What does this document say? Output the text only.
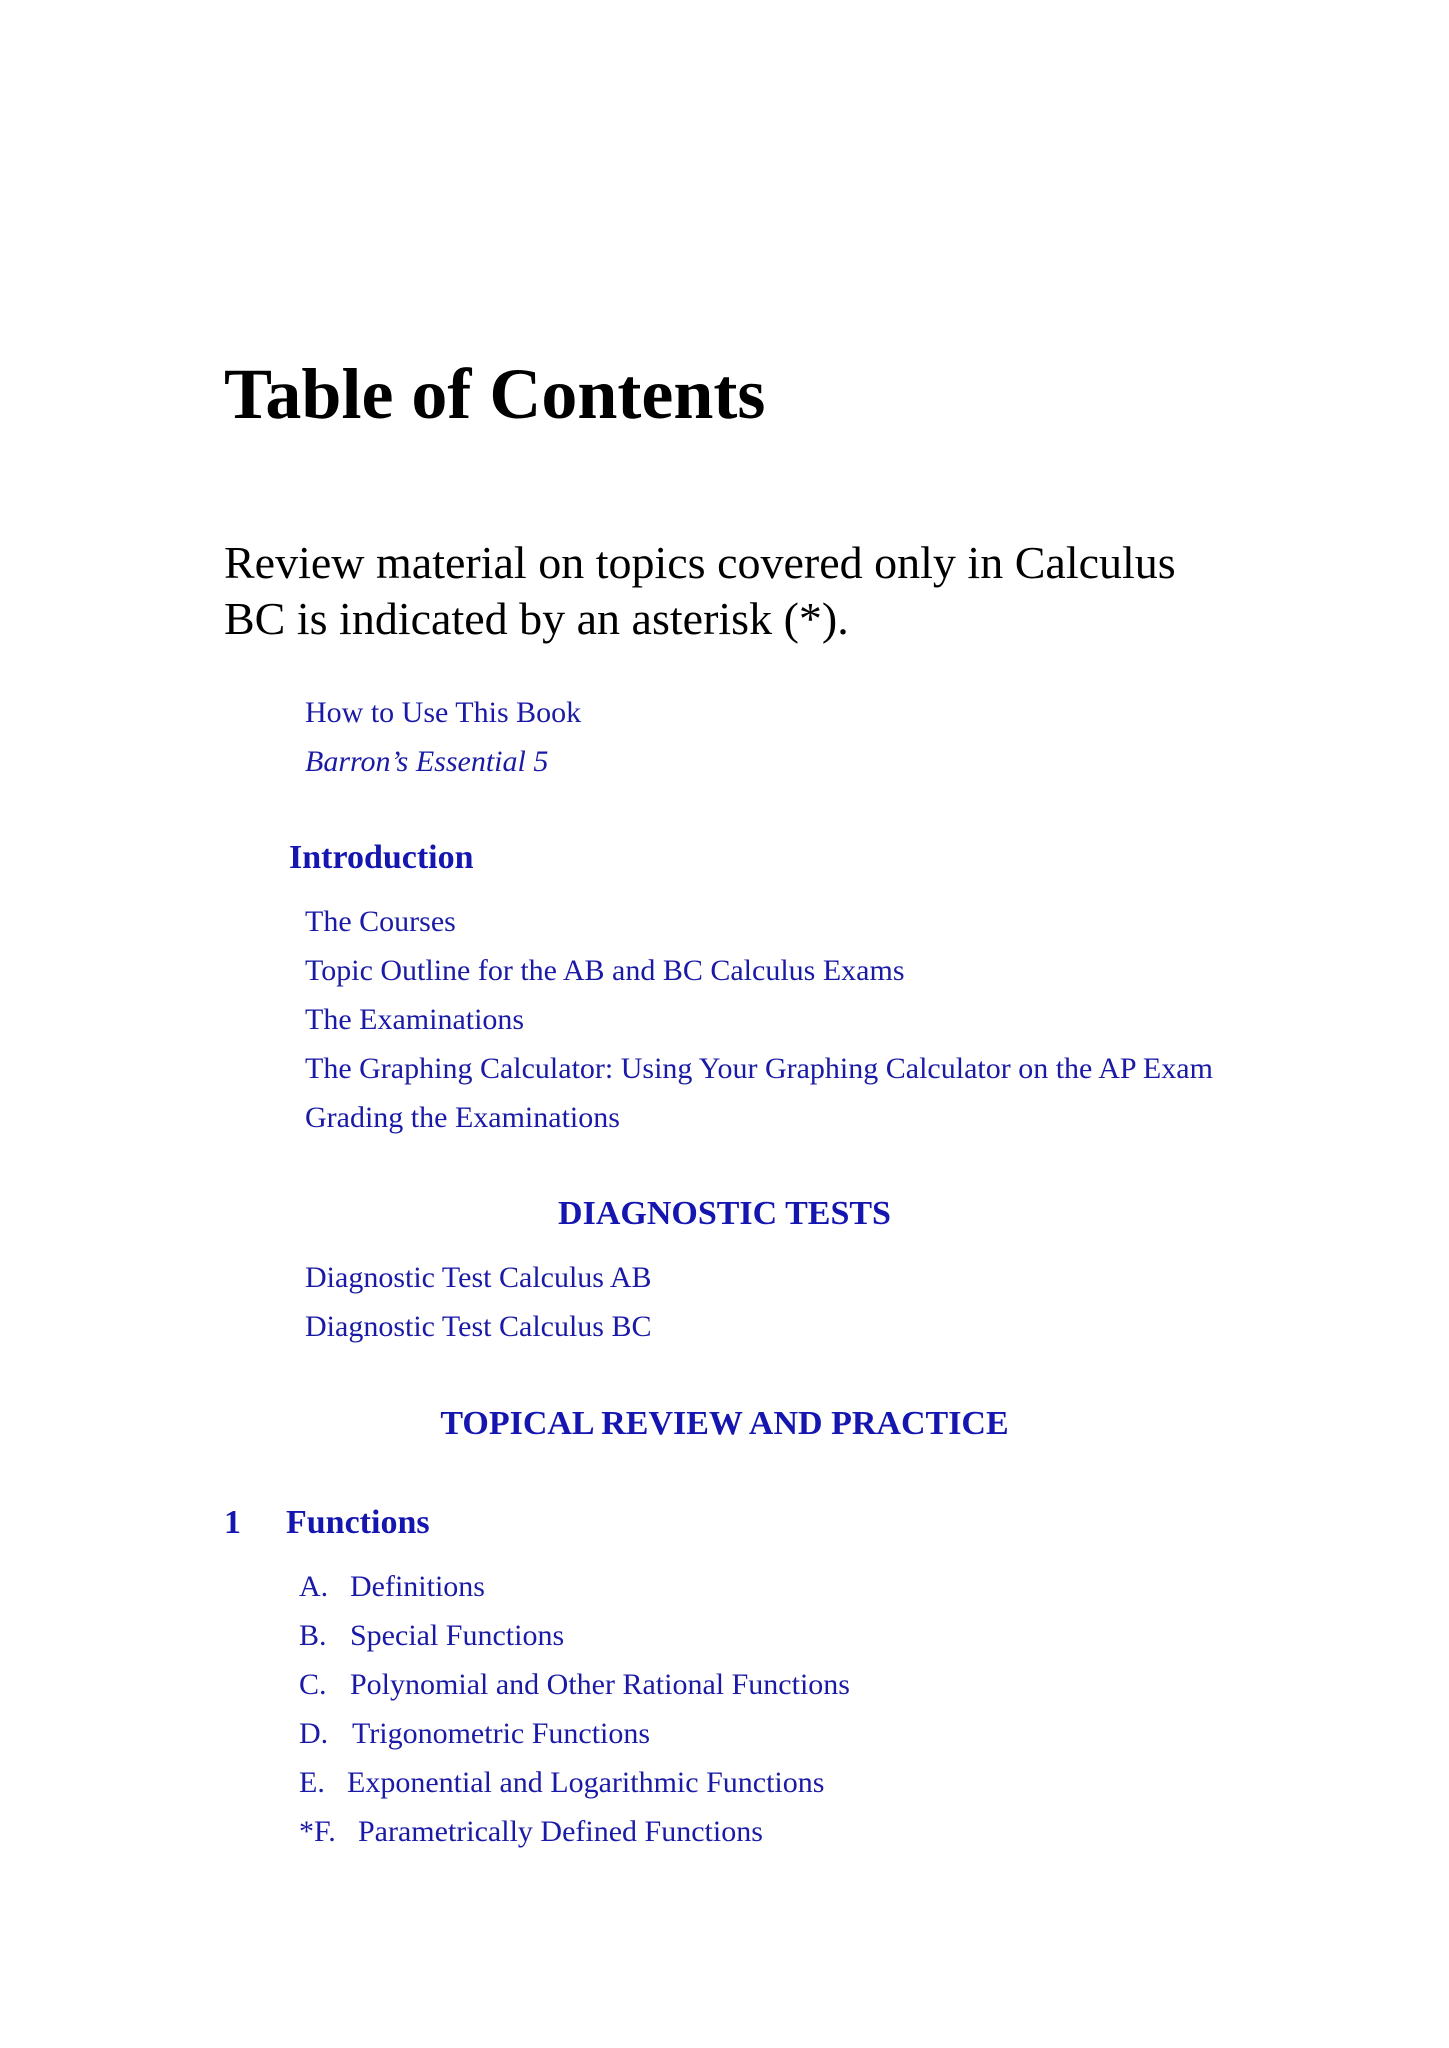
Table of Contents
Review material on topics covered only in Calculus
BC is indicated by an asterisk (*).
How to Use This Book
Barron’s Essential 5
Introduction
The Courses
Topic Outline for the AB and BC Calculus Exams
The Examinations
The Graphing Calculator: Using Your Graphing Calculator on the AP Exam
Grading the Examinations
DIAGNOSTIC TESTS
Diagnostic Test Calculus AB
Diagnostic Test Calculus BC
TOPICAL REVIEW AND PRACTICE
1 Functions
A. Definitions
B. Special Functions
C. Polynomial and Other Rational Functions
D. Trigonometric Functions
E. Exponential and Logarithmic Functions
*F. Parametrically Defined Functions
